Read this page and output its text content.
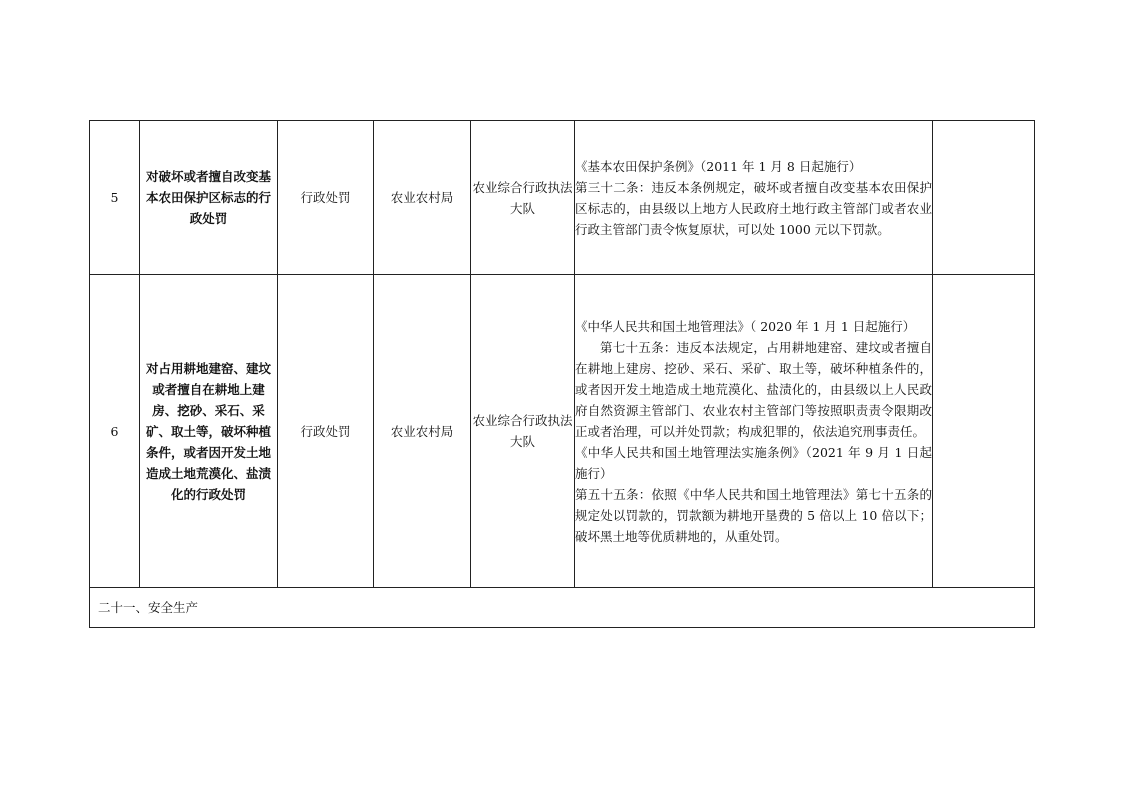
5	对破坏或者擅自改变基本农田保护区标志的行政处罚	行政处罚	农业农村局	农业综合行政执法大队	《基本农田保护条例》（2011 年 1 月 8 日起施行）

第三十二条：违反本条例规定，破坏或者擅自改变基本农田保护区标志的，由县级以上地方人民政府土地行政主管部门或者农业行政主管部门责令恢复原状，可以处 1000 元以下罚款。	

6	对占用耕地建窑、建坟或者擅自在耕地上建房、挖砂、采石、采矿、取土等，破坏种植条件，或者因开发土地造成土地荒漠化、盐渍化的行政处罚	行政处罚	农业农村局	农业综合行政执法大队	《中华人民共和国土地管理法》（ 2020 年 1 月 1 日起施行）

第七十五条：违反本法规定，占用耕地建窑、建坟或者擅自在耕地上建房、挖砂、采石、采矿、取土等，破坏种植条件的，或者因开发土地造成土地荒漠化、盐渍化的，由县级以上人民政府自然资源主管部门、农业农村主管部门等按照职责责令限期改正或者治理，可以并处罚款；构成犯罪的，依法追究刑事责任。

《中华人民共和国土地管理法实施条例》（2021 年 9 月 1 日起施行）

第五十五条：依照《中华人民共和国土地管理法》第七十五条的规定处以罚款的，罚款额为耕地开垦费的 5 倍以上 10 倍以下；破坏黑土地等优质耕地的，从重处罚。	

二十一、安全生产						
